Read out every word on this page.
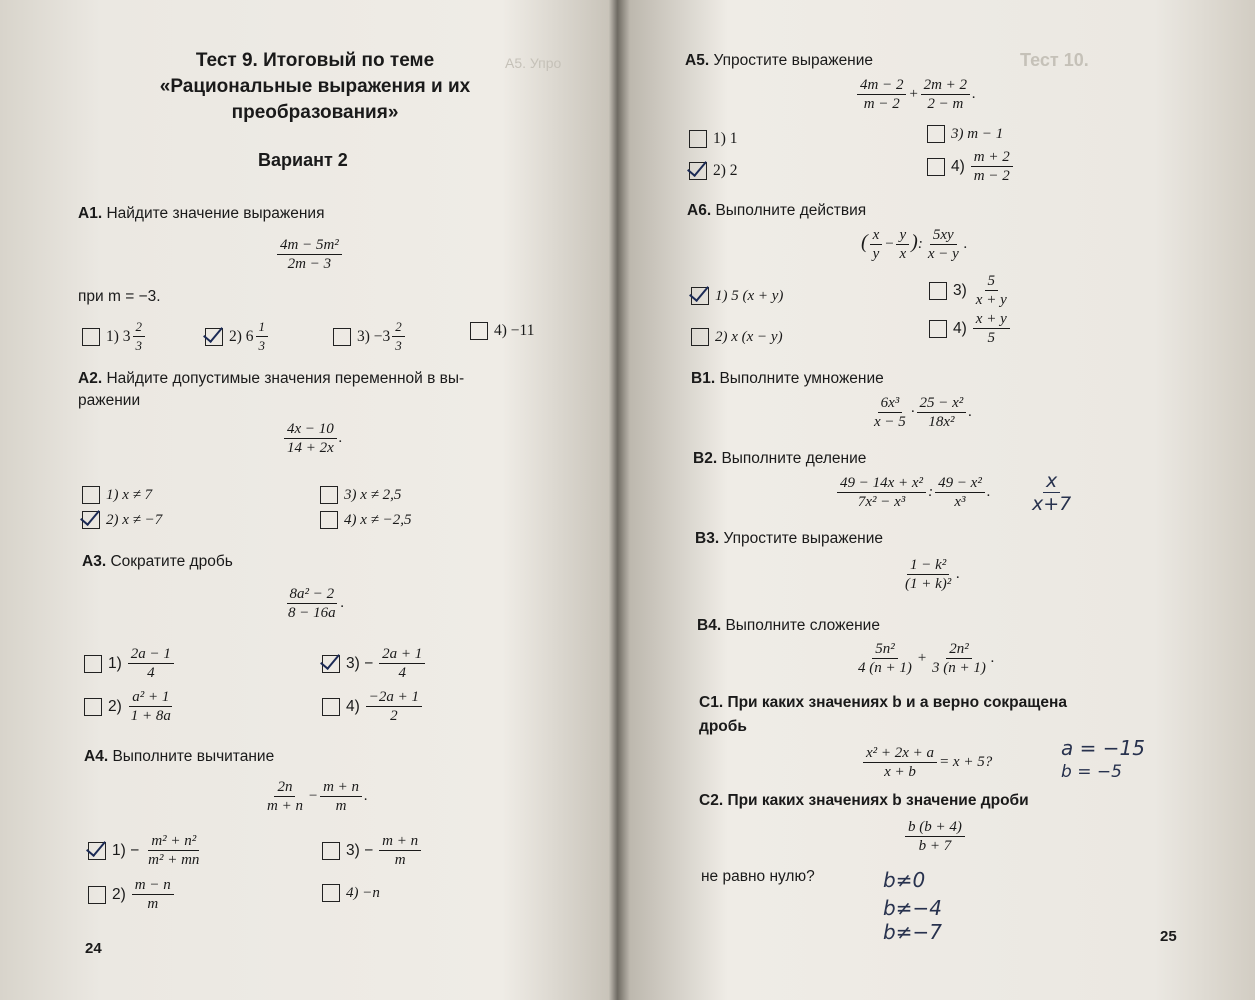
А5. Упро	Тест 10.
Тест 9. Итоговый по теме
«Рациональные выражения и их
преобразования»
Вариант 2
А1. Найдите значение выражения
$\frac{\text{4m − 5m²}}{2m - 3}$
при m = −3.
1) $3 \frac{2}{3}$	2) $6 \frac{1}{3}$	$3) -3 \frac{2}{3}$	4) −11
А2. Найдите допустимые значения переменной в вы-
ражении
$\frac{4x - 10}{14 + 2x}$ .
1) x ≠ 7
2) x ≠ −7
3) x ≠ 2,5
4) x ≠ −2,5
А3. Сократите дробь
$\frac{\text{8a² − 2}}{8 - 16a}$ .
$1) \frac{2a - 1}{4}$
$2) \frac{\text{a² + 1}}{1 + 8a}$
$3) - \frac{2a + 1}{4}$
$4) \frac{-2a + 1}{2}$
А4. Выполните вычитание
$\frac{2n}{m + n} - \frac{m + n}{m}$ .
$1) - \frac{\text{m² + n²}}{\text{m² + mn}}$
$2) \frac{m - n}{m}$
$3) - \frac{m + n}{m}$
4) −n
24
А5. Упростите выражение
$\frac{4m - 2}{m - 2} + \frac{2m + 2}{2 - m}$ .
1) 1
2) 2
3) m − 1
$4) \frac{m + 2}{m - 2}$
А6. Выполните действия
( $\frac{x}{y} - \frac{y}{x}$ ): $\frac{5xy}{x - y}$ .
1) 5 (x + y)
2) x (x − y)
$3) \frac{5}{x + y}$
$4) \frac{x + y}{5}$
В1. Выполните умножение
$\frac{\text{6x³}}{x - 5} \cdot \frac{\text{25 − x²}}{\text{18x²}}$ .
В2. Выполните деление
$\frac{\text{49 − 14x + x²}}{\text{7x² − x³}}$ : $\frac{\text{49 − x²}}{\text{x³}}$ . $\frac{x}{x+7}$
В3. Упростите выражение
$\frac{\text{1 − k²}}{\text{(1 + k)²}}$ .
В4. Выполните сложение
$\frac{\text{5n²}}{4 (n + 1)} + \frac{\text{2n²}}{3 (n + 1)}$ .
С1. При каких значениях b и a верно сокращена
дробь
$\frac{\text{x² + 2x + a}}{x + b} = x + 5$?
a = −15
b = −5
С2. При каких значениях b значение дроби
$\frac{b (b + 4)}{b + 7}$
не равно нулю?	b≠0
b≠−4
b≠−7	25
